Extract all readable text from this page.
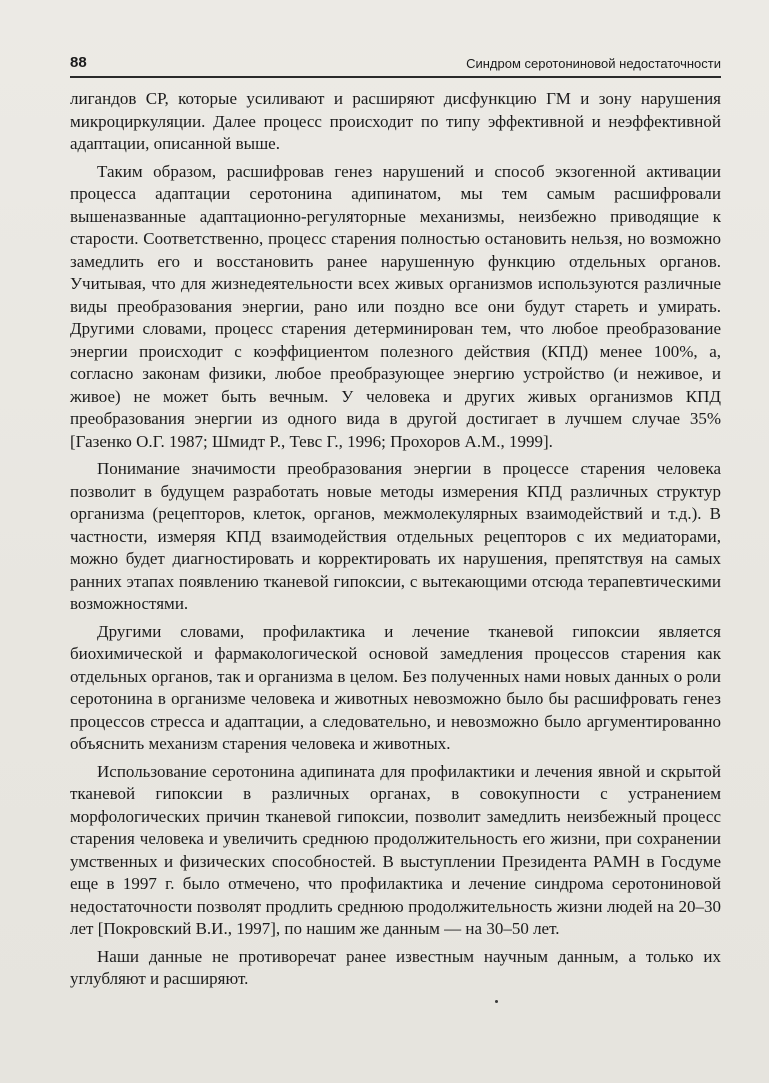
88	Синдром серотониновой недостаточности

лигандов СР, которые усиливают и расширяют дисфункцию ГМ и зону нарушения микроциркуляции. Далее процесс происходит по типу эффективной и неэффективной адаптации, описанной выше.

Таким образом, расшифровав генез нарушений и способ экзогенной активации процесса адаптации серотонина адипинатом, мы тем самым расшифровали вышеназванные адаптационно-регуляторные механизмы, неизбежно приводящие к старости. Соответственно, процесс старения полностью остановить нельзя, но возможно замедлить его и восстановить ранее нарушенную функцию отдельных органов. Учитывая, что для жизнедеятельности всех живых организмов используются различные виды преобразования энергии, рано или поздно все они будут стареть и умирать. Другими словами, процесс старения детерминирован тем, что любое преобразование энергии происходит с коэффициентом полезного действия (КПД) менее 100%, а, согласно законам физики, любое преобразующее энергию устройство (и неживое, и живое) не может быть вечным. У человека и других живых организмов КПД преобразования энергии из одного вида в другой достигает в лучшем случае 35% [Газенко О.Г. 1987; Шмидт Р., Тевс Г., 1996; Прохоров А.М., 1999].

Понимание значимости преобразования энергии в процессе старения человека позволит в будущем разработать новые методы измерения КПД различных структур организма (рецепторов, клеток, органов, межмолекулярных взаимодействий и т.д.). В частности, измеряя КПД взаимодействия отдельных рецепторов с их медиаторами, можно будет диагностировать и корректировать их нарушения, препятствуя на самых ранних этапах появлению тканевой гипоксии, с вытекающими отсюда терапевтическими возможностями.

Другими словами, профилактика и лечение тканевой гипоксии является биохимической и фармакологической основой замедления процессов старения как отдельных органов, так и организма в целом. Без полученных нами новых данных о роли серотонина в организме человека и животных невозможно было бы расшифровать генез процессов стресса и адаптации, а следовательно, и невозможно было аргументированно объяснить механизм старения человека и животных.

Использование серотонина адипината для профилактики и лечения явной и скрытой тканевой гипоксии в различных органах, в совокупности с устранением морфологических причин тканевой гипоксии, позволит замедлить неизбежный процесс старения человека и увеличить среднюю продолжительность его жизни, при сохранении умственных и физических способностей. В выступлении Президента РАМН в Госдуме еще в 1997 г. было отмечено, что профилактика и лечение синдрома серотониновой недостаточности позволят продлить среднюю продолжительность жизни людей на 20–30 лет [Покровский В.И., 1997], по нашим же данным — на 30–50 лет.

Наши данные не противоречат ранее известным научным данным, а только их углубляют и расширяют.
